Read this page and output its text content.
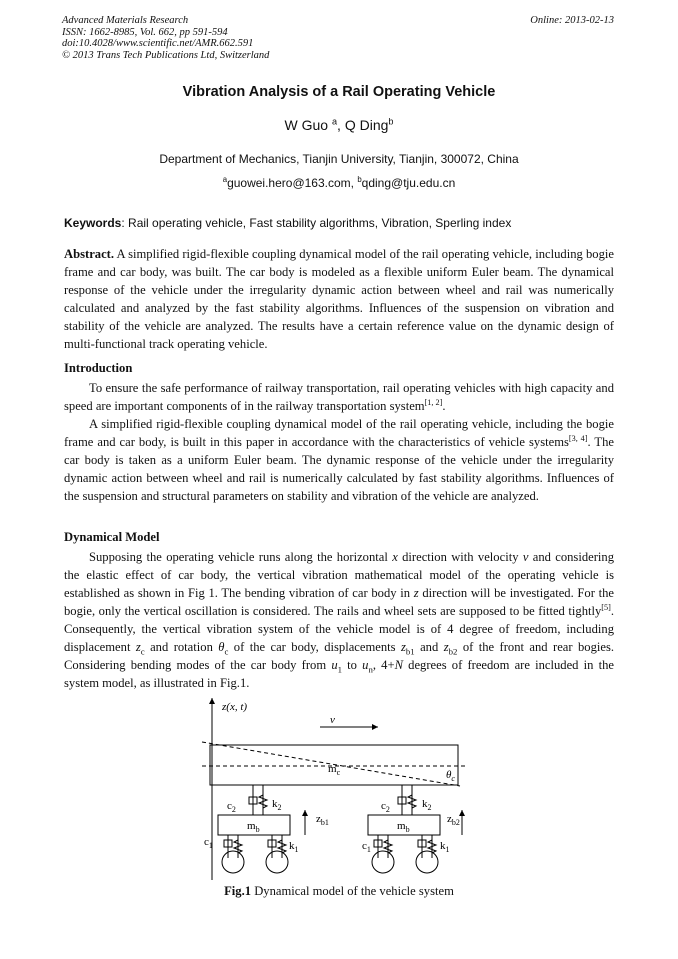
Advanced Materials Research
ISSN: 1662-8985, Vol. 662, pp 591-594
doi:10.4028/www.scientific.net/AMR.662.591
© 2013 Trans Tech Publications Ltd, Switzerland
Online: 2013-02-13
Vibration Analysis of a Rail Operating Vehicle
W Guo $^a$, Q Ding$^b$
Department of Mechanics, Tianjin University, Tianjin, 300072, China
$^a$guowei.hero@163.com, $^b$qding@tju.edu.cn
Keywords: Rail operating vehicle, Fast stability algorithms, Vibration, Sperling index

Abstract. A simplified rigid-flexible coupling dynamical model of the rail operating vehicle, including bogie frame and car body, was built. The car body is modeled as a flexible uniform Euler beam. The dynamical response of the vehicle under the irregularity dynamic action between wheel and rail was numerically calculated and analyzed by the fast stability algorithms. Influences of the suspension on vibration and stability of the vehicle are analyzed. The results have a certain reference value on the dynamic design of multi-functional track operating vehicle.

Introduction

To ensure the safe performance of railway transportation, rail operating vehicles with high capacity and speed are important components of in the railway transportation system[1, 2].

A simplified rigid-flexible coupling dynamical model of the rail operating vehicle, including the bogie frame and car body, is built in this paper in accordance with the characteristics of vehicle systems[3, 4]. The car body is taken as a uniform Euler beam. The dynamic response of the vehicle under the irregularity dynamic action between wheel and rail is numerically calculated by fast stability algorithms. Influences of the suspension and structural parameters on stability and vibration of the vehicle are analyzed.

Dynamical Model

Supposing the operating vehicle runs along the horizontal x direction with velocity v and considering the elastic effect of car body, the vertical vibration mathematical model of the operating vehicle is established as shown in Fig 1. The bending vibration of car body in z direction will be investigated. For the bogie, only the vertical oscillation is considered. The rails and wheel sets are supposed to be fitted tightly[5]. Consequently, the vertical vibration system of the vehicle model is of 4 degree of freedom, including displacement $z_c$ and rotation $\theta_c$ of the car body, displacements $z_{b1}$ and $z_{b2}$ of the front and rear bogies. Considering bending modes of the car body from $u_1$ to $u_n$, 4+N degrees of freedom are included in the system model, as illustrated in Fig.1.

z(x, t)
v
$m_c$	$\theta_c$
$c_2$	$k_2$
$m_b$
$z_{b1}$
$c_1$	$k_1$
$c_2$	$k_2$
$m_b$
$z_{b2}$
$c_1$	$k_1$
Fig.1 Dynamical model of the vehicle system
